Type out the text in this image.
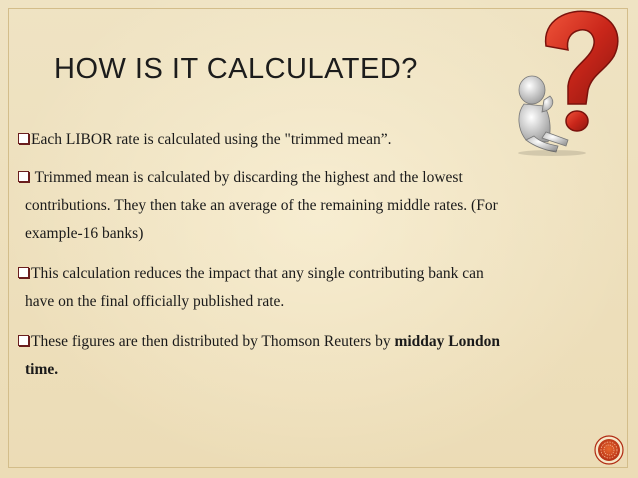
HOW IS IT CALCULATED?
Each LIBOR rate is calculated using the "trimmed mean”.
Trimmed mean is calculated by discarding the highest and the lowest
contributions. They then take an average of the remaining middle rates. (For
example-16 banks)
This calculation reduces the impact that any single contributing bank can
have on the final officially published rate.
These figures are then distributed by Thomson Reuters by midday London
time.
